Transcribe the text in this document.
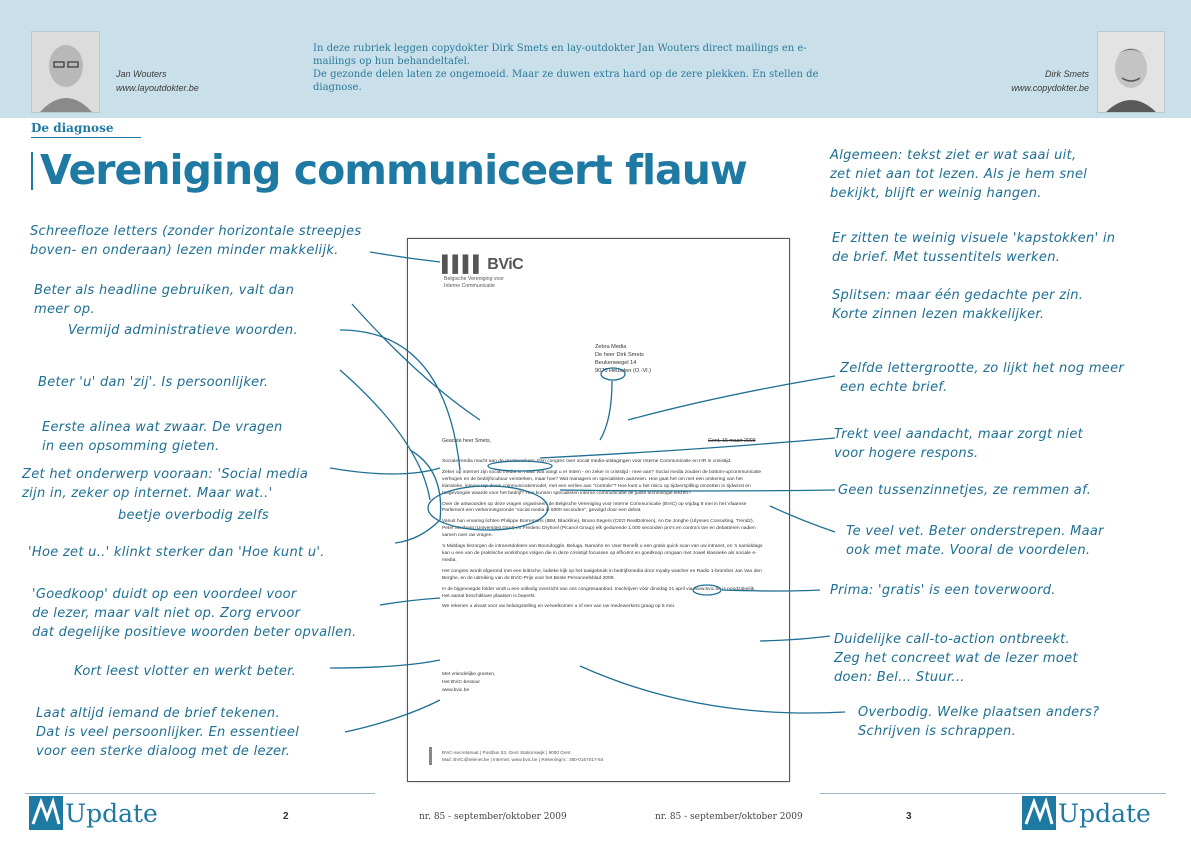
Jan Wouters
www.layoutdokter.be
In deze rubriek leggen copydokter Dirk Smets en lay-outdokter Jan Wouters direct mailings en e-mailings op hun behandeltafel.
De gezonde delen laten ze ongemoeid. Maar ze duwen extra hard op de zere plekken. En stellen de diagnose.
Dirk Smets
www.copydokter.be
De diagnose
Vereniging communiceert flauw
Schreefloze letters (zonder horizontale streepjes
boven- en onderaan) lezen minder makkelijk.
Beter als headline gebruiken, valt dan
meer op.
Vermijd administratieve woorden.
Beter 'u' dan 'zij'. Is persoonlijker.
Eerste alinea wat zwaar. De vragen
in een opsomming gieten.
Zet het onderwerp vooraan: 'Social media
zijn in, zeker op internet. Maar wat..'
beetje overbodig zelfs
'Hoe zet u..' klinkt sterker dan 'Hoe kunt u'.
'Goedkoop' duidt op een voordeel voor
de lezer, maar valt niet op. Zorg ervoor
dat degelijke positieve woorden beter opvallen.
Kort leest vlotter en werkt beter.
Laat altijd iemand de brief tekenen.
Dat is veel persoonlijker. En essentieel
voor een sterke dialoog met de lezer.
Algemeen: tekst ziet er wat saai uit,
zet niet aan tot lezen. Als je hem snel
bekijkt, blijft er weinig hangen.
Er zitten te weinig visuele 'kapstokken' in
de brief. Met tussentitels werken.
Splitsen: maar één gedachte per zin.
Korte zinnen lezen makkelijker.
Zelfde lettergrootte, zo lijkt het nog meer
een echte brief.
Trekt veel aandacht, maar zorgt niet
voor hogere respons.
Geen tussenzinnetjes, ze remmen af.
Te veel vet. Beter onderstrepen. Maar
ook met mate. Vooral de voordelen.
Prima: 'gratis' is een toverwoord.
Duidelijke call-to-action ontbreekt.
Zeg het concreet wat de lezer moet
doen: Bel... Stuur...
Overbodig. Welke plaatsen anders?
Schrijven is schrappen.
▌▌▌▌ BViC
Belgische Vereniging voor
Interne Communicatie
Zebra Media
De heer Dirk Smets
Beukenwegel 14
9070 Heusden (O.-Vl.)
Geachte heer Smets,	Gent, 15 maart 2009

Sociale media macht aan de medewerkers: Een congres over social media-uitdagingen voor Interne Communicatie en HR in crisistijd.

Zeker op internet zijn social media in, maar wat vangt u er intern - en zeker in crisistijd - mee aan? Social media zouden de bottom-upcommunicatie verhogen en de bedrijfscultuur versterken, maar hoe? Wat managers en specialisten aanzeien. Hoe gaat het om met een omkering van het klassieke, interne top-down communicatiemodel, met een verlies aan "controle"? Hoe kunt u het risico op tijdverspilling omzetten in tijdwinst en toegevoegde waarde voor het bedrijf? Hoe kunnen specialisten interne communicatie de juiste technologie kiezen?

Over de antwoorden op deze vragen organiseert de Belgische Vereniging voor Interne Communicatie (BViC) op vrijdag 8 mei in het Vlaamse Parlement een verkenningsronde "social media in 5000 seconden", gevolgd door een debat.

Vanuit hun ervaring lichten Philippe Borremans (IBM, Blackline), Bruno Segers (CEO RealDolmen), An De Jonghe (Ulysses Consulting, Trendz), Peter Mechant (Universiteit Gent) en Frederic Dryhoel (Picanol Group) elk gedurende 1.000 seconden pro's en contra's toe en debatteren nadien samen over uw vragen.

's Middags bezorgen de intranetdokters van Boondoggle, Beluga, Namahn en User Benefit u een gratis quick scan van uw intranet, en 's namiddags kan u een van de praktische workshops volgen die in deze crisistijd focussen op efficiënt en goedkoop omgaan met zowel klassieke als sociale e-media.

Het congres wordt afgerond met een kritische, ludieke kijk op het taalgebruik in bedrijfsmedia door royalty watcher en Radio 1-bromber Jan Van den Berghe, en de uitreiking van de BViC-Prijs voor het Beste Personeelsblad 2009.

In de bijgevoegde folder vindt u een volledig overzicht van ons congresaanbod. Inschrijven vóór dinsdag 21 april via www.bvic.be is noodzakelijk. Het aantal beschikbare plaatsen is beperkt.

We rekenen u alvast voor uw belangstelling en verwelkomen u of een van uw medewerkers graag op 8 mei.

Met vriendelijke groeten,
Het BViC-bestuur
www.bvic.be
BViC-secretariaat | Postbus 53, Gent Stationswijk | 9000 Gent
Mail: BViC@telenet.be | Internet: www.bvic.be | Rekeningnr.: 380-0167017-54
Update	2	nr. 85 - september/oktober 2009	nr. 85 - september/oktober 2009	3	Update
